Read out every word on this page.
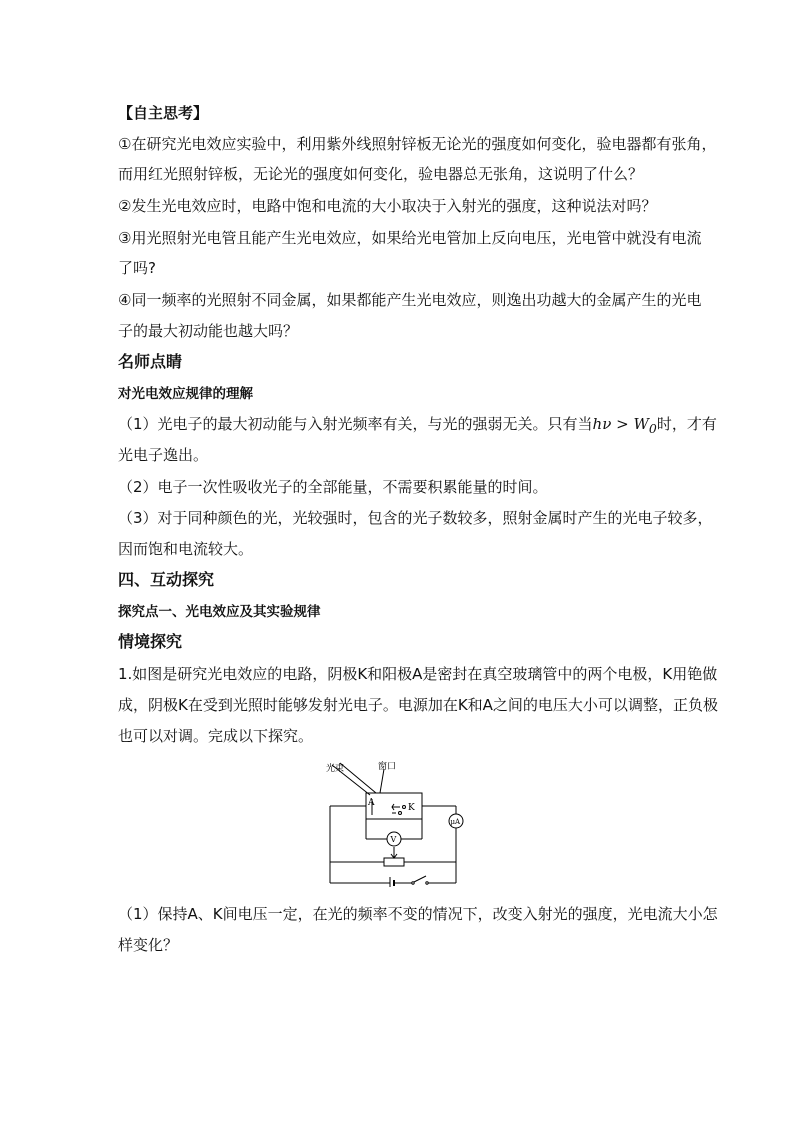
【自主思考】
①在研究光电效应实验中，利用紫外线照射锌板无论光的强度如何变化，验电器都有张角，
而用红光照射锌板，无论光的强度如何变化，验电器总无张角，这说明了什么？
②发生光电效应时，电路中饱和电流的大小取决于入射光的强度，这种说法对吗？
③用光照射光电管且能产生光电效应，如果给光电管加上反向电压，光电管中就没有电流
了吗?
④同一频率的光照射不同金属，如果都能产生光电效应，则逸出功越大的金属产生的光电
子的最大初动能也越大吗？
名师点睛
对光电效应规律的理解
（1）光电子的最大初动能与入射光频率有关，与光的强弱无关。只有当$h\nu > W_0$时，才有
光电子逸出。
（2）电子一次性吸收光子的全部能量，不需要积累能量的时间。
（3）对于同种颜色的光，光较强时，包含的光子数较多，照射金属时产生的光电子较多，
因而饱和电流较大。
四、互动探究
探究点一、光电效应及其实验规律
情境探究
1.如图是研究光电效应的电路，阴极K和阳极A是密封在真空玻璃管中的两个电极，K用铯做
成，阴极K在受到光照时能够发射光电子。电源加在K和A之间的电压大小可以调整，正负极
也可以对调。完成以下探究。
光束	窗口
A	K
V
μA
（1）保持A、K间电压一定，在光的频率不变的情况下，改变入射光的强度，光电流大小怎
样变化？
